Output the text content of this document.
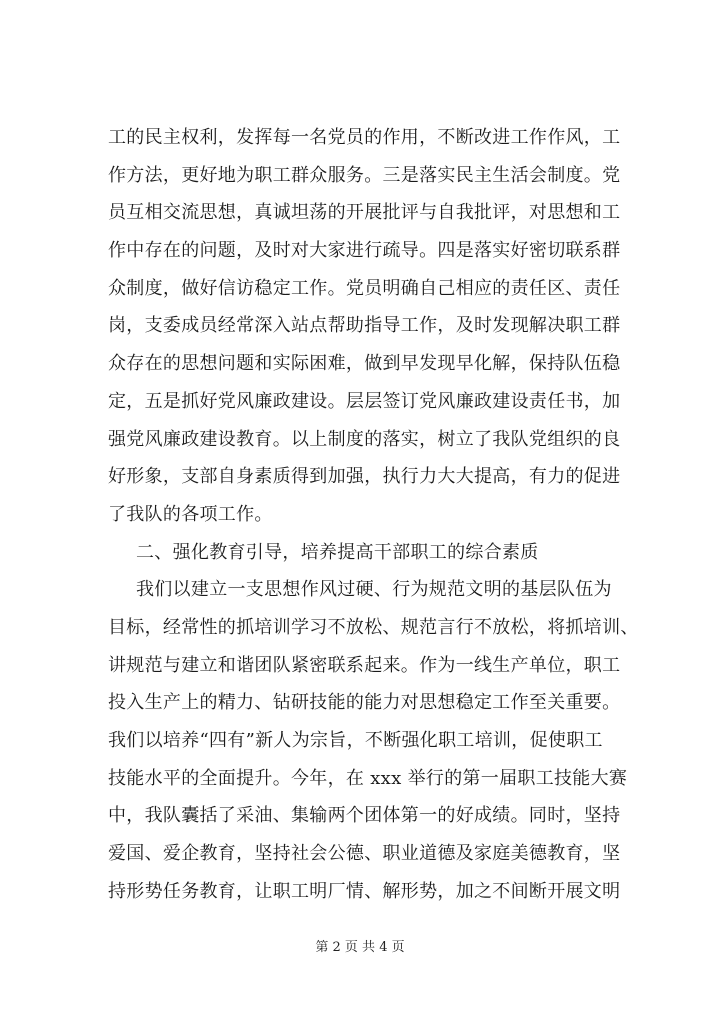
工的民主权利，发挥每一名党员的作用，不断改进工作作风，工
作方法，更好地为职工群众服务。三是落实民主生活会制度。党
员互相交流思想，真诚坦荡的开展批评与自我批评，对思想和工
作中存在的问题，及时对大家进行疏导。四是落实好密切联系群
众制度，做好信访稳定工作。党员明确自己相应的责任区、责任
岗，支委成员经常深入站点帮助指导工作，及时发现解决职工群
众存在的思想问题和实际困难，做到早发现早化解，保持队伍稳
定，五是抓好党风廉政建设。层层签订党风廉政建设责任书，加
强党风廉政建设教育。以上制度的落实，树立了我队党组织的良
好形象，支部自身素质得到加强，执行力大大提高，有力的促进
了我队的各项工作。
二、强化教育引导，培养提高干部职工的综合素质
我们以建立一支思想作风过硬、行为规范文明的基层队伍为
目标，经常性的抓培训学习不放松、规范言行不放松，将抓培训、
讲规范与建立和谐团队紧密联系起来。作为一线生产单位，职工
投入生产上的精力、钻研技能的能力对思想稳定工作至关重要。
我们以培养“四有”新人为宗旨，不断强化职工培训，促使职工
技能水平的全面提升。今年，在 xxx 举行的第一届职工技能大赛
中，我队囊括了采油、集输两个团体第一的好成绩。同时，坚持
爱国、爱企教育，坚持社会公德、职业道德及家庭美德教育，坚
持形势任务教育，让职工明厂情、解形势，加之不间断开展文明
第 2 页 共 4 页
